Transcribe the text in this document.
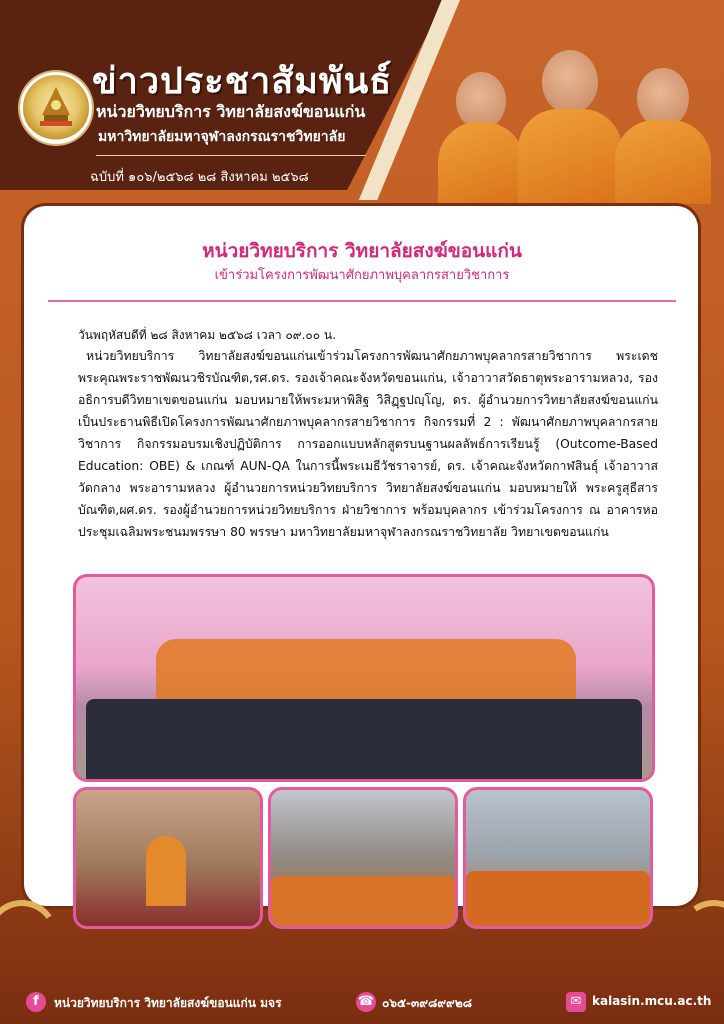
ข่าวประชาสัมพันธ์
หน่วยวิทยบริการ วิทยาลัยสงฆ์ขอนแก่น
มหาวิทยาลัยมหาจุฬาลงกรณราชวิทยาลัย
ฉบับที่ ๑๐๖/๒๕๖๘ ๒๘ สิงหาคม ๒๕๖๘
หน่วยวิทยบริการ วิทยาลัยสงฆ์ขอนแก่น
เข้าร่วมโครงการพัฒนาศักยภาพบุคลากรสายวิชาการ
วันพฤหัสบดีที่ ๒๘ สิงหาคม ๒๕๖๘ เวลา ๐๙.๐๐ น.
หน่วยวิทยบริการ วิทยาลัยสงฆ์ขอนแก่นเข้าร่วมโครงการพัฒนาศักยภาพบุคลากรสายวิชาการ พระเดชพระคุณพระราชพัฒนวชิรบัณฑิต,รศ.ดร. รองเจ้าคณะจังหวัดขอนแก่น, เจ้าอาวาสวัดธาตุพระอารามหลวง, รองอธิการบดีวิทยาเขตขอนแก่น มอบหมายให้พระมหาพิสิฐ วิสิฏฺฐปญฺโญ, ดร. ผู้อำนวยการวิทยาลัยสงฆ์ขอนแก่น เป็นประธานพิธีเปิดโครงการพัฒนาศักยภาพบุคลากรสายวิชาการ กิจกรรมที่ 2 : พัฒนาศักยภาพบุคลากรสายวิชาการ กิจกรรมอบรมเชิงปฏิบัติการ การออกแบบหลักสูตรบนฐานผลลัพธ์การเรียนรู้ (Outcome-Based Education: OBE) & เกณฑ์ AUN-QA ในการนี้พระเมธีวัชราจารย์, ดร. เจ้าคณะจังหวัดกาฬสินธุ์ เจ้าอาวาสวัดกลาง พระอารามหลวง ผู้อำนวยการหน่วยวิทยบริการ วิทยาลัยสงฆ์ขอนแก่น มอบหมายให้ พระครูสุธีสารบัณฑิต,ผศ.ดร. รองผู้อำนวยการหน่วยวิทยบริการ ฝ่ายวิชาการ พร้อมบุคลากร เข้าร่วมโครงการ ณ อาคารหอประชุมเฉลิมพระชนมพรรษา 80 พรรษา มหาวิทยาลัยมหาจุฬาลงกรณราชวิทยาลัย วิทยาเขตขอนแก่น
f	หน่วยวิทยบริการ วิทยาลัยสงฆ์ขอนแก่น มจร	☎ ๐๖๕-๓๙๘๙๙๒๘	✉ kalasin.mcu.ac.th
